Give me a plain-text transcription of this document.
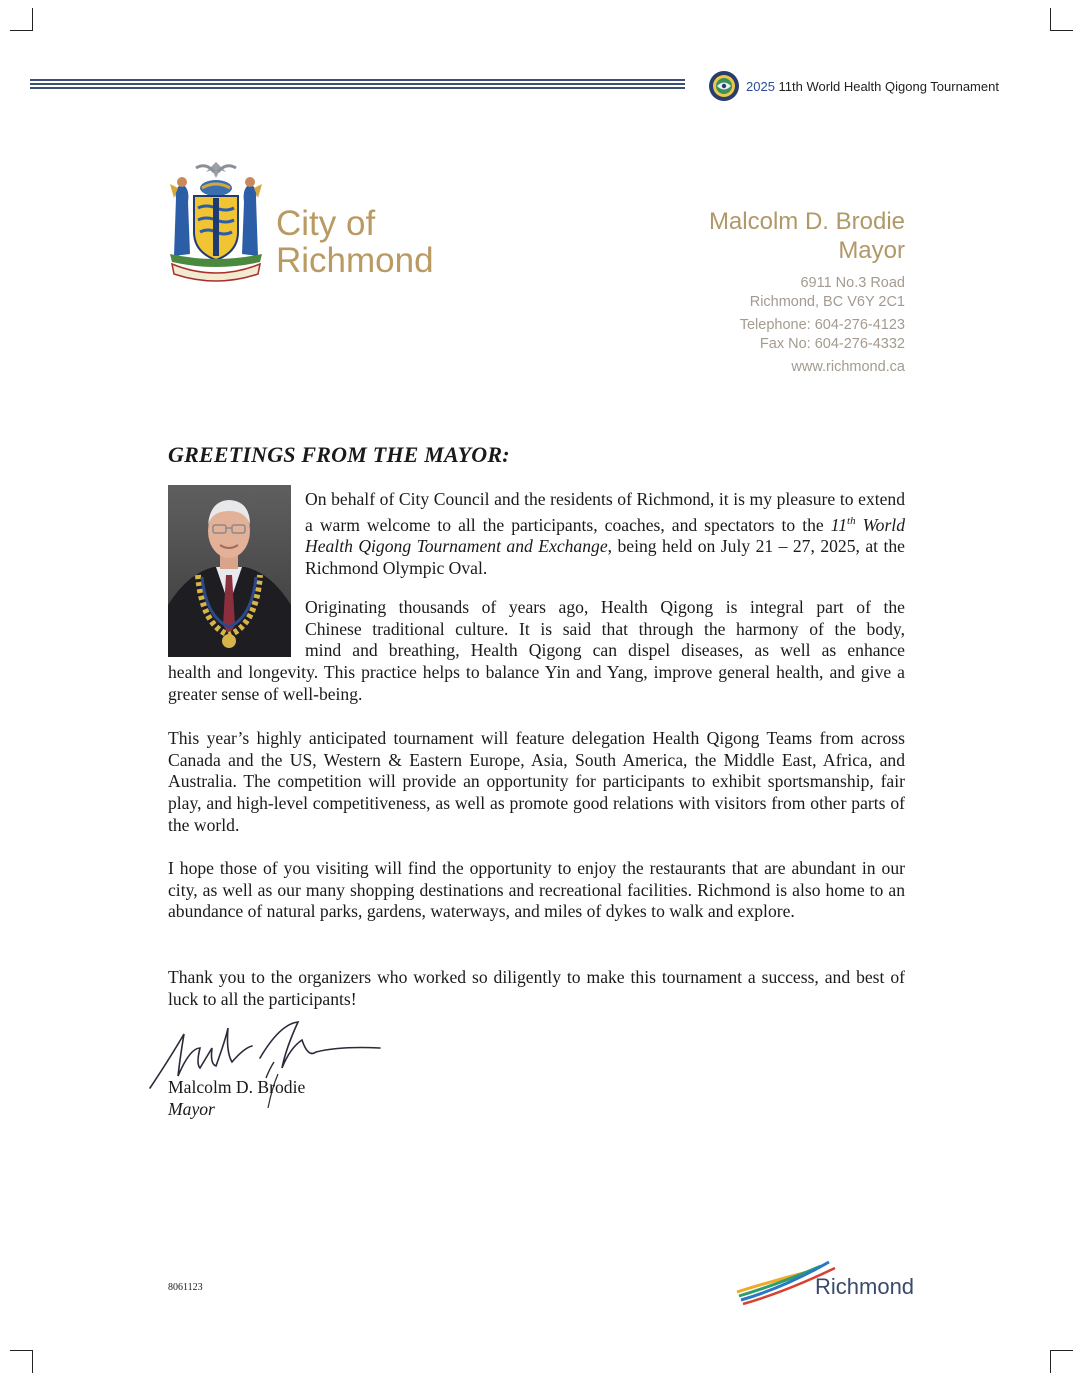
2025 11th World Health Qigong Tournament
City of
Richmond
Malcolm D. Brodie
Mayor
6911 No.3 Road
Richmond, BC V6Y 2C1
Telephone: 604-276-4123
Fax No: 604-276-4332
www.richmond.ca
GREETINGS FROM THE MAYOR:

On behalf of City Council and the residents of Richmond, it is my pleasure to extend a warm welcome to all the participants, coaches, and spectators to the 11th World Health Qigong Tournament and Exchange, being held on July 21 – 27, 2025, at the Richmond Olympic Oval.

Originating thousands of years ago, Health Qigong is integral part of the
Chinese traditional culture. It is said that through the harmony of the body,
mind and breathing, Health Qigong can dispel diseases, as well as enhance
health and longevity. This practice helps to balance Yin and Yang, improve general health, and give a greater sense of well-being.

This year’s highly anticipated tournament will feature delegation Health Qigong Teams from across Canada and the US, Western & Eastern Europe, Asia, South America, the Middle East, Africa, and Australia. The competition will provide an opportunity for participants to exhibit sportsmanship, fair play, and high-level competitiveness, as well as promote good relations with visitors from other parts of the world.

I hope those of you visiting will find the opportunity to enjoy the restaurants that are abundant in our city, as well as our many shopping destinations and recreational facilities. Richmond is also home to an abundance of natural parks, gardens, waterways, and miles of dykes to walk and explore.

Thank you to the organizers who worked so diligently to make this tournament a success, and best of luck to all the participants!

Malcolm D. Brodie
Mayor
8061123	Richmond
